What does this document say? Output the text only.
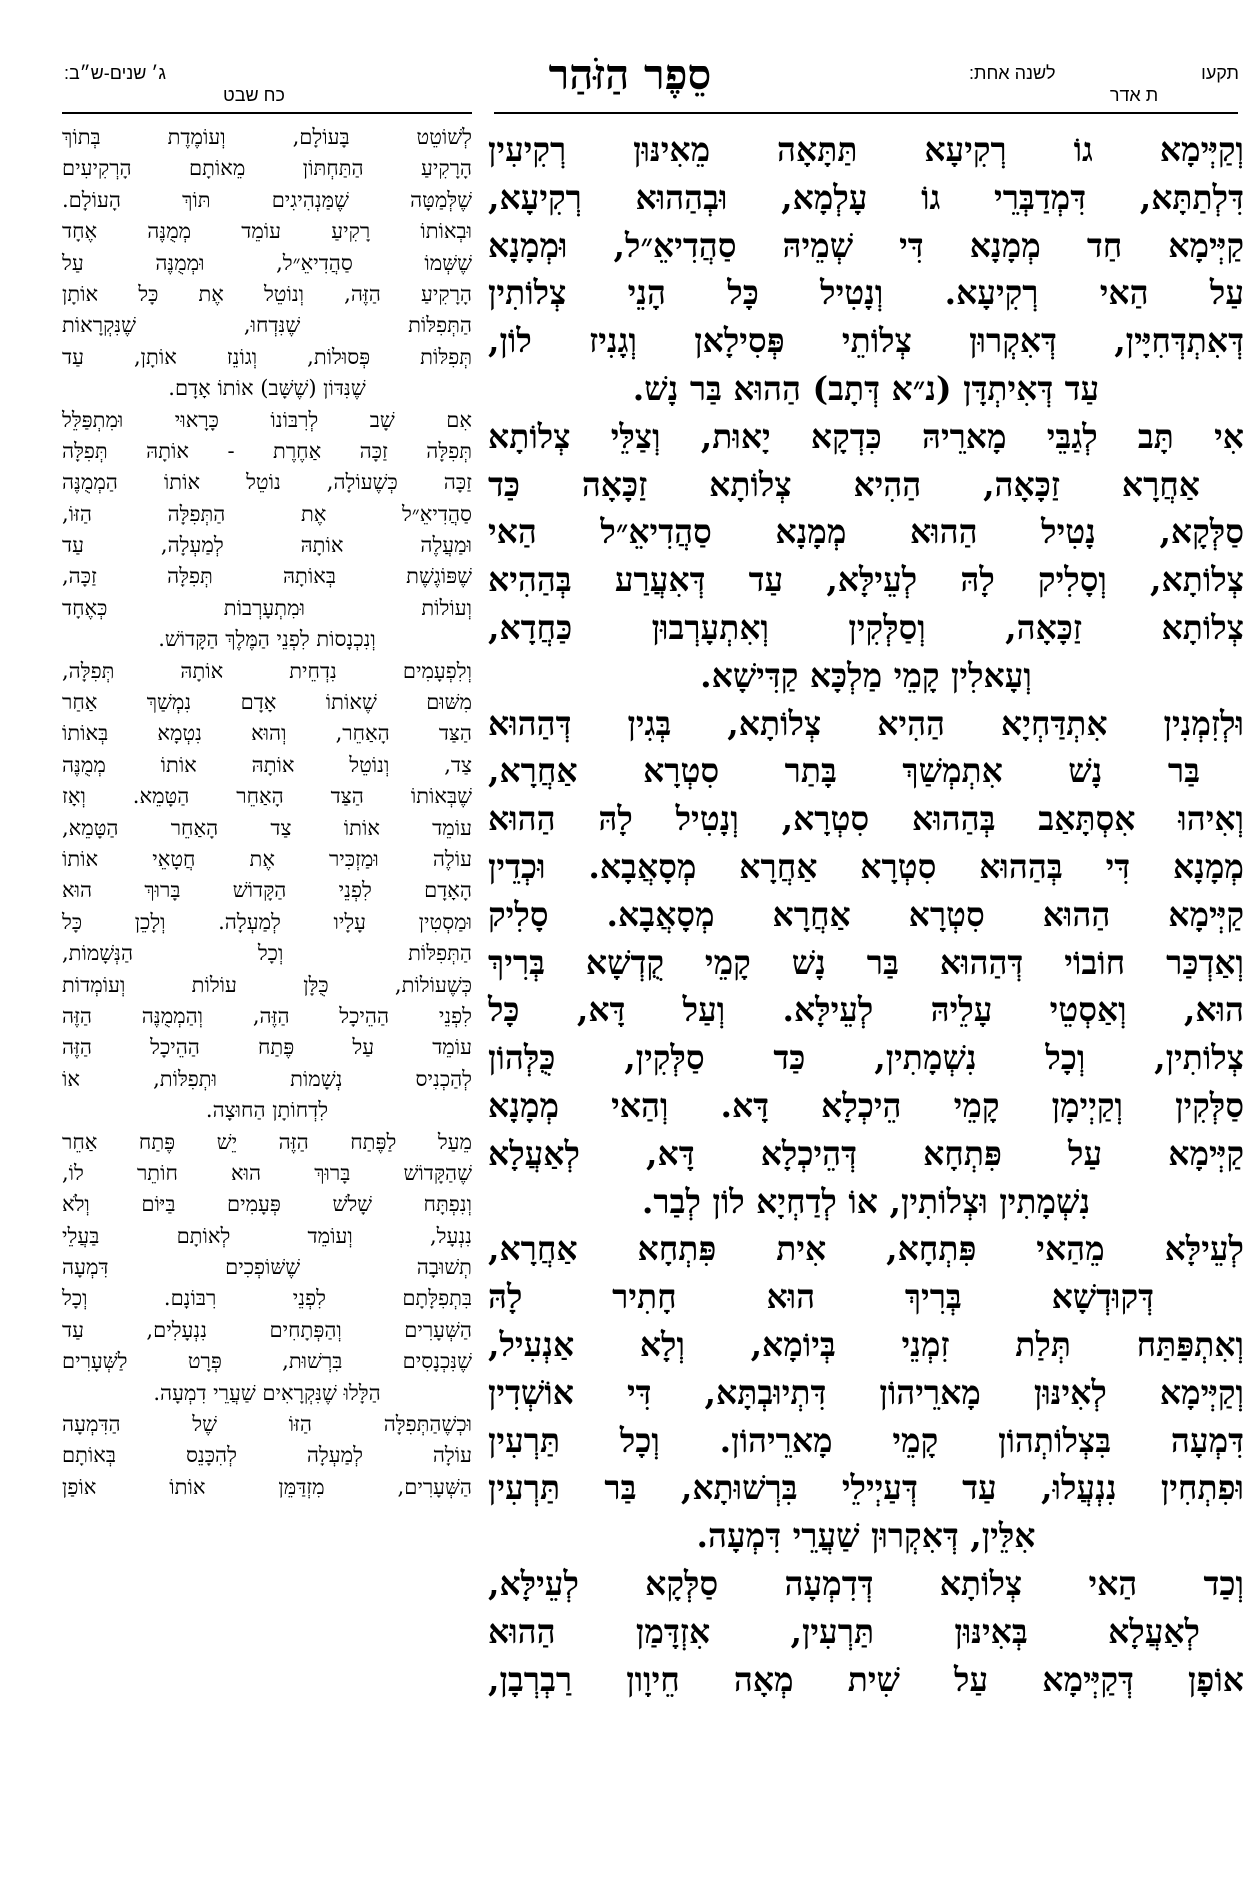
תקעו
לשנה אחת:
ת אדר
סֵפֶר הַזֹּהַר
ג׳ שנים-ש״ב:
כח שבט
וְקַיְּימָא גוֹ רְקִיעָא תַּתָּאָה מֵאִינּוּן רְקִיעִין
דִּלְתַתָּא, דִּמְדַבְּרֵי גוֹ עָלְמָא, וּבְהַהוּא רְקִיעָא,
קַיְּימָא חַד מְמָנָא דִּי שְׁמֵיהּ סַהֲדִיאֵ״ל, וּמְמָנָא
עַל הַאי רְקִיעָא. וְנָטִיל כָּל הָנֵי צְלוֹתִין
דְּאִתְדְּחִיָּין, דְּאִקְרוּן צְלוֹתֵי פְּסִילָאן וְגָנִיז לוֹן,
עַד דְּאִיתְדָּן (נ״א דְּתָב) הַהוּא בַּר נָשׁ.
אִי תָּב לְגַבֵּי מָארֵיהּ כִּדְקָא יָאוּת, וְצַלֵּי צְלוֹתָא
אַחֲרָא זַכָּאָה, הַהִיא צְלוֹתָא זַכָּאָה כַּד
סַלְּקָא, נָטִיל הַהוּא מְמָנָא סַהֲדִיאֵ״ל הַאי
צְלוֹתָא, וְסָלִיק לָהּ לְעֵילָּא, עַד דְּאִעֲרַע בְּהַהִיא
צְלוֹתָא זַכָּאָה, וְסַלְּקִין וְאִתְעָרְבוּן כַּחֲדָא,
וְעָאלִין קָמֵי מַלְכָּא קַדִּישָׁא.
וּלְזִמְנִין אִתְדַּחְיָא הַהִיא צְלוֹתָא, בְּגִין דְּהַהוּא
בַּר נָשׁ אִתְמְשַׁךְ בָּתַר סִטְרָא אַחֲרָא,
וְאִיהוּ אִסְתָּאַב בְּהַהוּא סִטְרָא, וְנָטִיל לָהּ הַהוּא
מְמָנָא דִּי בְּהַהוּא סִטְרָא אַחֲרָא מְסָאֲבָא. וּכְדֵין
קַיְּימָא הַהוּא סִטְרָא אַחֲרָא מְסָאֲבָא. סָלִיק
וְאַדְכַּר חוֹבוֹי דְּהַהוּא בַּר נָשׁ קָמֵי קֻדְשָׁא בְּרִיךְ
הוּא, וְאַסְטֵי עָלֵיהּ לְעֵילָּא. וְעַל דָּא, כָּל
צְלוֹתִין, וְכָל נִשְׁמָתִין, כַּד סַלְּקִין, כֻּלְּהוֹן
סַלְּקִין וְקַיְימָן קָמֵי הֵיכְלָא דָּא. וְהַאי מְמָנָא
קַיְּימָא עַל פִּתְחָא דְּהֵיכְלָא דָּא, לְאַעֲלָא
נִשְׁמָתִין וּצְלוֹתִין, אוֹ לְדַחְיָא לוֹן לְבַר.
לְעֵילָּא מֵהַאי פִּתְחָא, אִית פִּתְחָא אַחֲרָא,
דְּקוּדְשָׁא בְּרִיךְ הוּא חָתִיר לָהּ
וְאִתְפַּתַּח תְּלַת זִמְנֵי בְּיוֹמָא, וְלָא אַנְעִיל,
וְקַיְּימָא לְאִינּוּן מָארֵיהוֹן דִּתְיוּבְתָּא, דִּי אוֹשְׁדִין
דִּמְעָה בִּצְלוֹתְהוֹן קָמֵי מָארֵיהוֹן. וְכָל תַּרְעִין
וּפִתְחִין נִנְעֲלוּ, עַד דְּעַיְילֵי בִּרְשׁוּתָא, בַּר תַּרְעִין
אִלֵּין, דְּאִקְרוּן שַׁעֲרֵי דִּמְעָה.
וְכַד הַאי צְלוֹתָא דְּדִמְעָה סַלְּקָא לְעֵילָּא,
לְאַעֲלָא בְּאִינּוּן תַּרְעִין, אִזְדָּמַן הַהוּא
אוֹפָן דְּקַיְּימָא עַל שִׁית מְאָה חֵיוָון רַבְרְבָן,
לְשׁוֹטֵט בָּעוֹלָם, וְעוֹמֶדֶת בְּתוֹךְ
הָרָקִיעַ הַתַּחְתּוֹן מֵאוֹתָם הָרְקִיעִים
שֶׁלְּמַטָּה שֶׁמַּנְהִיגִים תּוֹךְ הָעוֹלָם.
וּבְאוֹתוֹ רָקִיעַ עוֹמֵד מְמֻנֶּה אֶחָד
שֶׁשְּׁמוֹ סַהֲדִיאֵ״ל, וּמְמֻנֶּה עַל
הָרָקִיעַ הַזֶּה, וְנוֹטֵל אֶת כָּל אוֹתָן
הַתְּפִלּוֹת שֶׁנִּדְחוּ, שֶׁנִּקְרָאוֹת
תְּפִלּוֹת פְּסוּלוֹת, וְגוֹנֵז אוֹתָן, עַד
שֶׁנִּדּוֹן (שֶׁשָּׁב) אוֹתוֹ אָדָם.
אִם שָׁב לְרִבּוֹנוֹ כָּרָאוּי וּמִתְפַּלֵּל
תְּפִלָּה זַכָּה אַחֶרֶת - אוֹתָהּ תְּפִלָּה
זַכָּה כְּשֶׁעוֹלָה, נוֹטֵל אוֹתוֹ הַמְמֻנֶּה
סַהֲדִיאֵ״ל אֶת הַתְּפִלָּה הַזּוֹ,
וּמַעֲלֶה אוֹתָהּ לְמַעְלָה, עַד
שֶׁפּוֹגֶשֶׁת בְּאוֹתָהּ תְּפִלָּה זַכָּה,
וְעוֹלוֹת וּמִתְעָרְבוֹת כְּאֶחָד
וְנִכְנָסוֹת לִפְנֵי הַמֶּלֶךְ הַקָּדוֹשׁ.
וְלִפְעָמִים נִדְחֵית אוֹתָהּ תְּפִלָּה,
מִשּׁוּם שֶׁאוֹתוֹ אָדָם נִמְשַׁךְ אַחַר
הַצַּד הָאַחֵר, וְהוּא נִטְמָא בְּאוֹתוֹ
צַד, וְנוֹטֵל אוֹתָהּ אוֹתוֹ מְמֻנֶּה
שֶׁבְּאוֹתוֹ הַצַּד הָאַחֵר הַטָּמֵא. וְאָז
עוֹמֵד אוֹתוֹ צַד הָאַחֵר הַטָּמֵא,
עוֹלֶה וּמַזְכִּיר אֶת חֲטָאֵי אוֹתוֹ
הָאָדָם לִפְנֵי הַקָּדוֹשׁ בָּרוּךְ הוּא
וּמַסְטִין עָלָיו לְמַעְלָה. וְלָכֵן כָּל
הַתְּפִלּוֹת וְכָל הַנְּשָׁמוֹת,
כְּשֶׁעוֹלוֹת, כֻּלָּן עוֹלוֹת וְעוֹמְדוֹת
לִפְנֵי הַהֵיכָל הַזֶּה, וְהַמְמֻנֶּה הַזֶּה
עוֹמֵד עַל פֶּתַח הַהֵיכָל הַזֶּה
לְהַכְנִיס נְשָׁמוֹת וּתְפִלּוֹת, אוֹ
לִדְחוֹתָן הַחוּצָה.
מֵעַל לַפֶּתַח הַזֶּה יֵשׁ פֶּתַח אַחֵר
שֶׁהַקָּדוֹשׁ בָּרוּךְ הוּא חוֹתֵר לוֹ,
וְנִפְתָּח שָׁלֹשׁ פְּעָמִים בַּיּוֹם וְלֹא
נִנְעָל, וְעוֹמֵד לְאוֹתָם בַּעֲלֵי
תְשׁוּבָה שֶׁשּׁוֹפְכִים דִּמְעָה
בִּתְפִלָּתָם לִפְנֵי רִבּוֹנָם. וְכָל
הַשְּׁעָרִים וְהַפְּתָחִים נִנְעָלִים, עַד
שֶׁנִּכְנָסִים בִּרְשׁוּת, פְּרָט לַשְּׁעָרִים
הַלָּלוּ שֶׁנִּקְרָאִים שַׁעֲרֵי דִמְעָה.
וּכְשֶׁהַתְּפִלָּה הַזּוֹ שֶׁל הַדִּמְעָה
עוֹלָה לְמַעְלָה לְהִכָּנֵס בְּאוֹתָם
הַשְּׁעָרִים, מִזְדַּמֵּן אוֹתוֹ אוֹפַן
